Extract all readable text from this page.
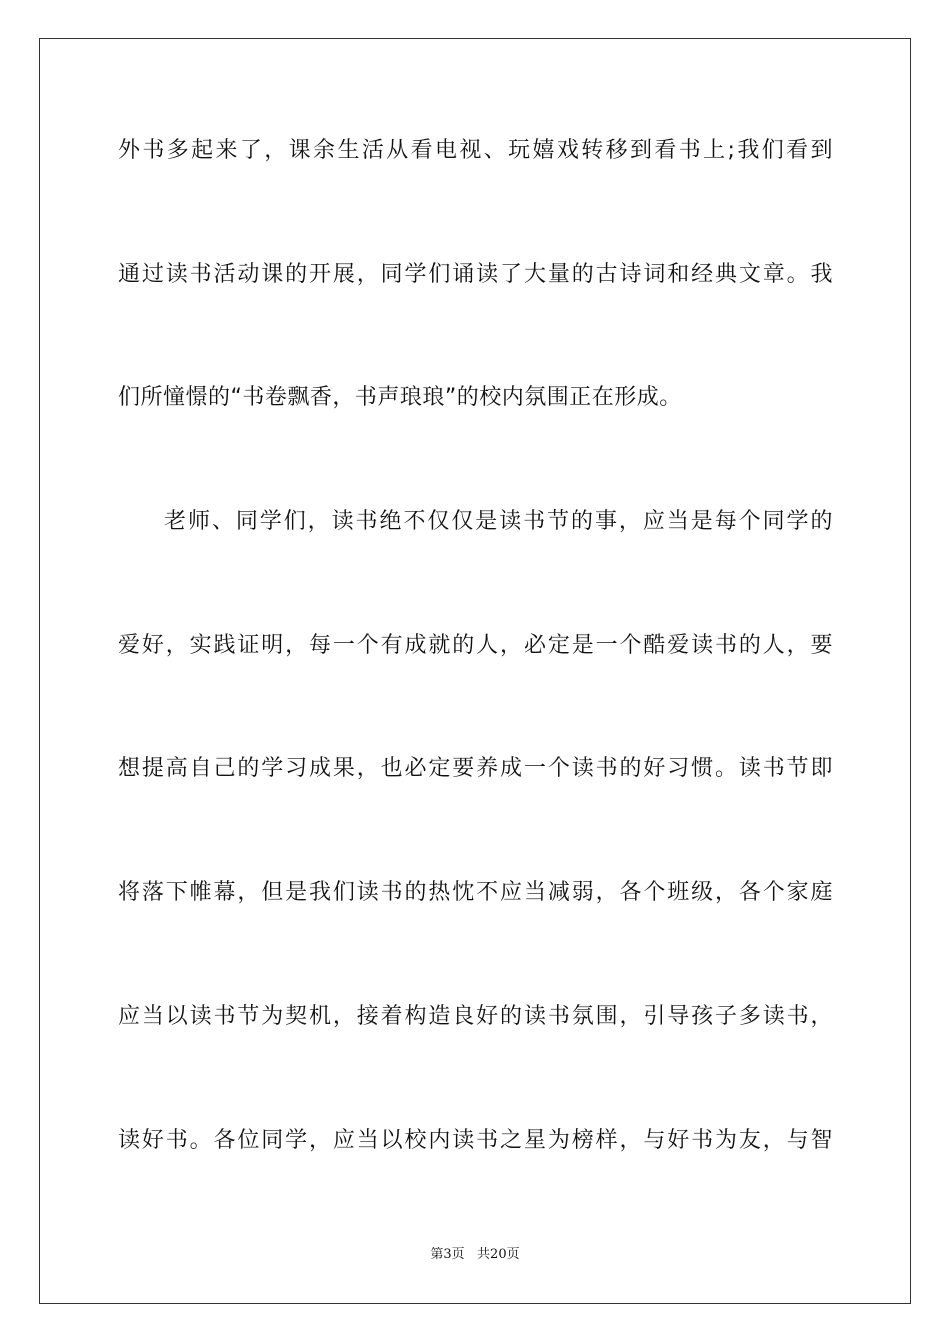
外书多起来了，课余生活从看电视、玩嬉戏转移到看书上;我们看到
通过读书活动课的开展，同学们诵读了大量的古诗词和经典文章。我
们所憧憬的“书卷飘香，书声琅琅”的校内氛围正在形成。
老师、同学们，读书绝不仅仅是读书节的事，应当是每个同学的
爱好，实践证明，每一个有成就的人，必定是一个酷爱读书的人，要
想提高自己的学习成果，也必定要养成一个读书的好习惯。读书节即
将落下帷幕，但是我们读书的热忱不应当减弱，各个班级，各个家庭
应当以读书节为契机，接着构造良好的读书氛围，引导孩子多读书，
读好书。各位同学，应当以校内读书之星为榜样，与好书为友，与智
第3页   共20页
